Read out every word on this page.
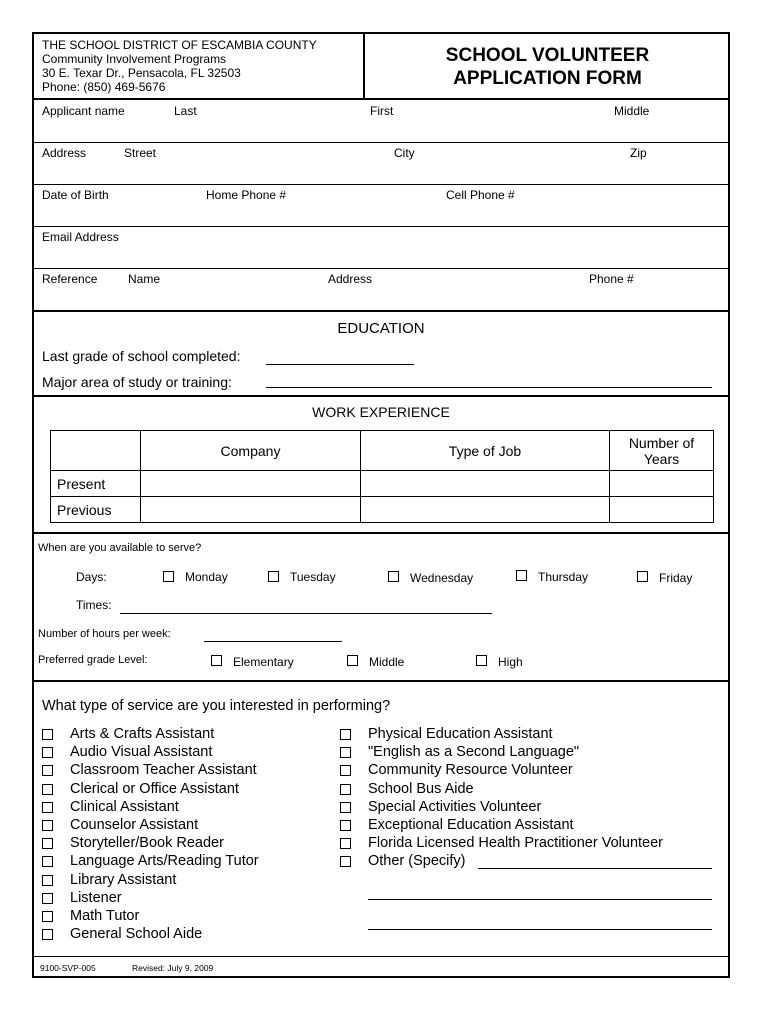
THE SCHOOL DISTRICT OF ESCAMBIA COUNTY
Community Involvement Programs
30 E. Texar Dr., Pensacola, FL 32503
Phone: (850) 469-5676
SCHOOL VOLUNTEER
APPLICATION FORM
Applicant name	Last	First	Middle
Address	Street	City	Zip
Date of Birth	Home Phone #	Cell Phone #
Email Address
Reference	Name	Address	Phone #
EDUCATION
Last grade of school completed:
Major area of study or training:
WORK EXPERIENCE
	Company	Type of Job	Number of Years
Present			
Previous			
When are you available to serve?
Days:	Monday	Tuesday	Wednesday	Thursday	Friday
Times:
Number of hours per week:
Preferred grade Level:	Elementary	Middle	High
What type of service are you interested in performing?
Arts & Crafts Assistant
Audio Visual Assistant
Classroom Teacher Assistant
Clerical or Office Assistant
Clinical Assistant
Counselor Assistant
Storyteller/Book Reader
Language Arts/Reading Tutor
Library Assistant
Listener
Math Tutor
General School Aide
Physical Education Assistant
"English as a Second Language"
Community Resource Volunteer
School Bus Aide
Special Activities Volunteer
Exceptional Education Assistant
Florida Licensed Health Practitioner Volunteer
Other (Specify)
9100-SVP-005	Revised: July 9, 2009
